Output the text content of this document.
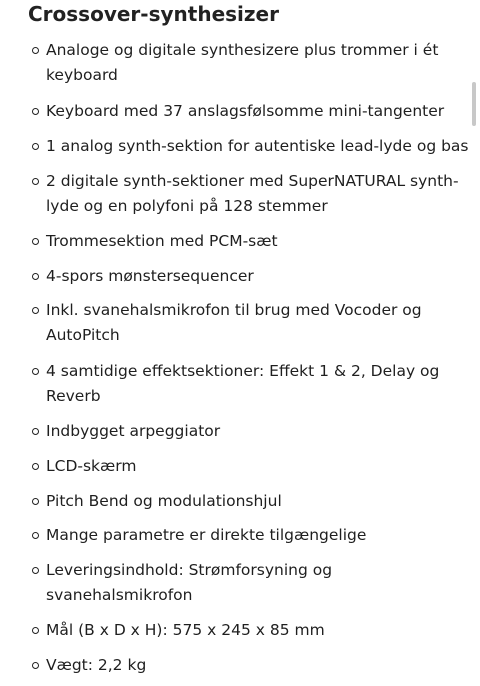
Crossover-synthesizer
Analoge og digitale synthesizere plus trommer i ét
keyboard
Keyboard med 37 anslagsfølsomme mini-tangenter
1 analog synth-sektion for autentiske lead-lyde og bas
2 digitale synth-sektioner med SuperNATURAL synth-
lyde og en polyfoni på 128 stemmer
Trommesektion med PCM-sæt
4-spors mønstersequencer
Inkl. svanehalsmikrofon til brug med Vocoder og
AutoPitch
4 samtidige effektsektioner: Effekt 1 & 2, Delay og
Reverb
Indbygget arpeggiator
LCD-skærm
Pitch Bend og modulationshjul
Mange parametre er direkte tilgængelige
Leveringsindhold: Strømforsyning og
svanehalsmikrofon
Mål (B x D x H): 575 x 245 x 85 mm
Vægt: 2,2 kg
